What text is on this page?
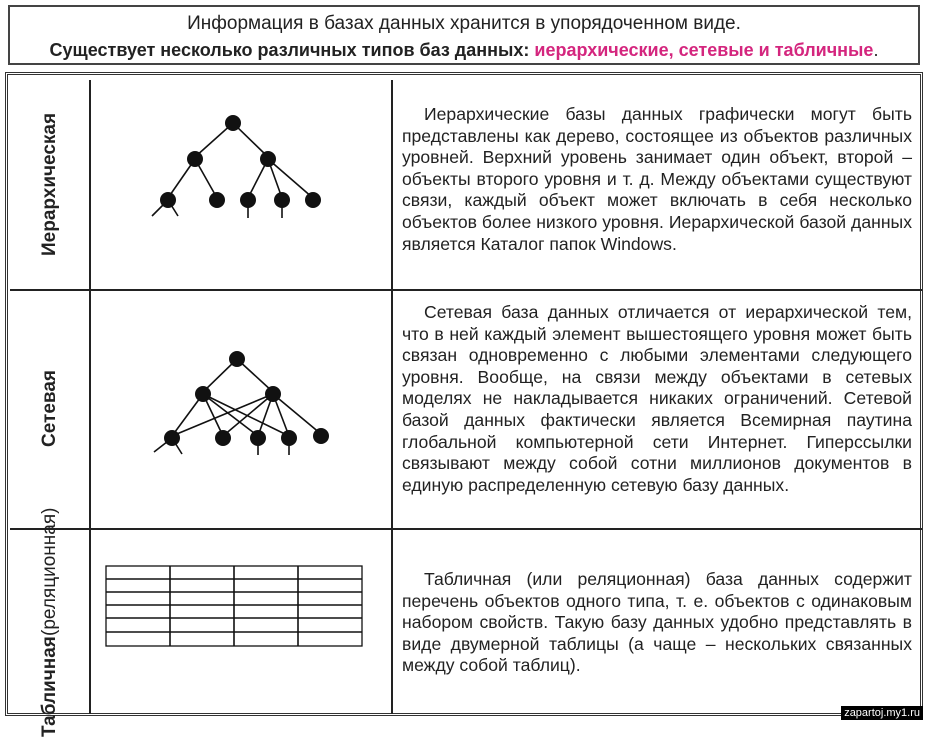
Информация в базах данных хранится в упорядоченном виде.
Существует несколько различных типов баз данных: иерархические, сетевые и табличные.
Иерархическая	Иерархические базы данных графически могут быть представлены как дерево, состоящее из объектов различных уровней. Верхний уровень занимает один объект, второй – объекты второго уровня и т. д. Между объектами существуют связи, каждый объект может включать в себя несколько объектов более низкого уровня. Иерархической базой данных является Каталог папок Windows.

Сетевая

Сетевая база данных отличается от иерархической тем, что в ней каждый элемент вышестоящего уровня может быть связан одновременно с любыми элементами следующего уровня. Вообще, на связи между объектами в сетевых моделях не накладывается никаких ограничений. Сетевой базой данных фактически является Всемирная паутина глобальной компьютерной сети Интернет. Гиперссылки связывают между собой сотни миллионов документов в единую распределенную сетевую базу данных.

Табличная
(реляционная)	Табличная (или реляционная) база данных содержит перечень объектов одного типа, т. е. объектов с одинаковым набором свойств. Такую базу данных удобно представлять в виде двумерной таблицы (а чаще – нескольких связанных между собой таблиц).

zapartoj.my1.ru
